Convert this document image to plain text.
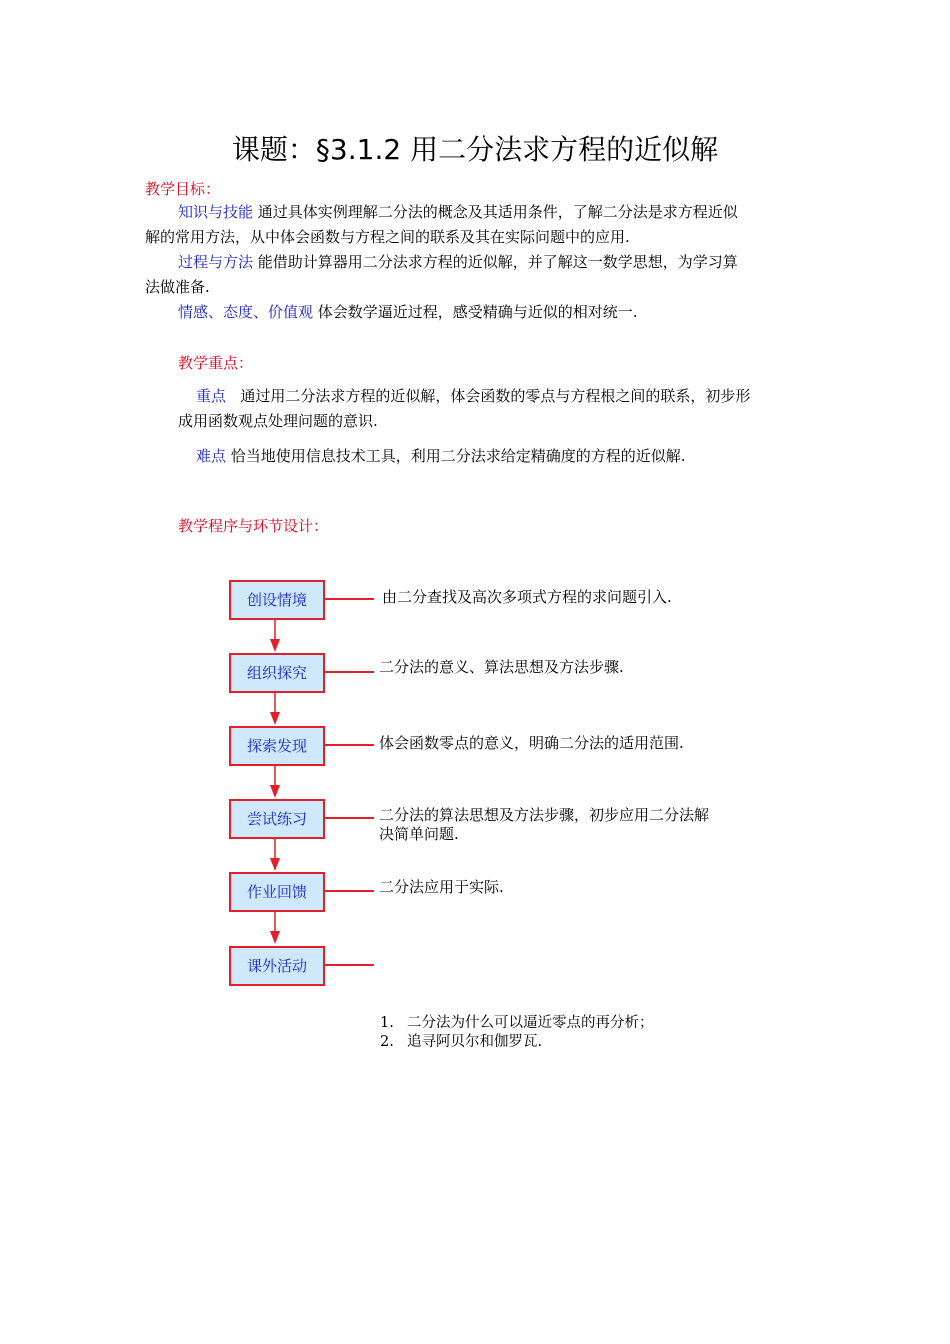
课题：§3.1.2 用二分法求方程的近似解
教学目标：
知识与技能 通过具体实例理解二分法的概念及其适用条件，了解二分法是求方程近似
解的常用方法，从中体会函数与方程之间的联系及其在实际问题中的应用.
过程与方法 能借助计算器用二分法求方程的近似解，并了解这一数学思想，为学习算
法做准备.
情感、态度、价值观 体会数学逼近过程，感受精确与近似的相对统一.
教学重点：
重点 通过用二分法求方程的近似解，体会函数的零点与方程根之间的联系，初步形
成用函数观点处理问题的意识.
难点 恰当地使用信息技术工具，利用二分法求给定精确度的方程的近似解.
教学程序与环节设计：
创设情境
组织探究
探索发现
尝试练习
作业回馈
课外活动
由二分查找及高次多项式方程的求问题引入.
二分法的意义、算法思想及方法步骤.
体会函数零点的意义，明确二分法的适用范围.
二分法的算法思想及方法步骤，初步应用二分法解
决简单问题.
二分法应用于实际.
1. 二分法为什么可以逼近零点的再分析；
2. 追寻阿贝尔和伽罗瓦.
